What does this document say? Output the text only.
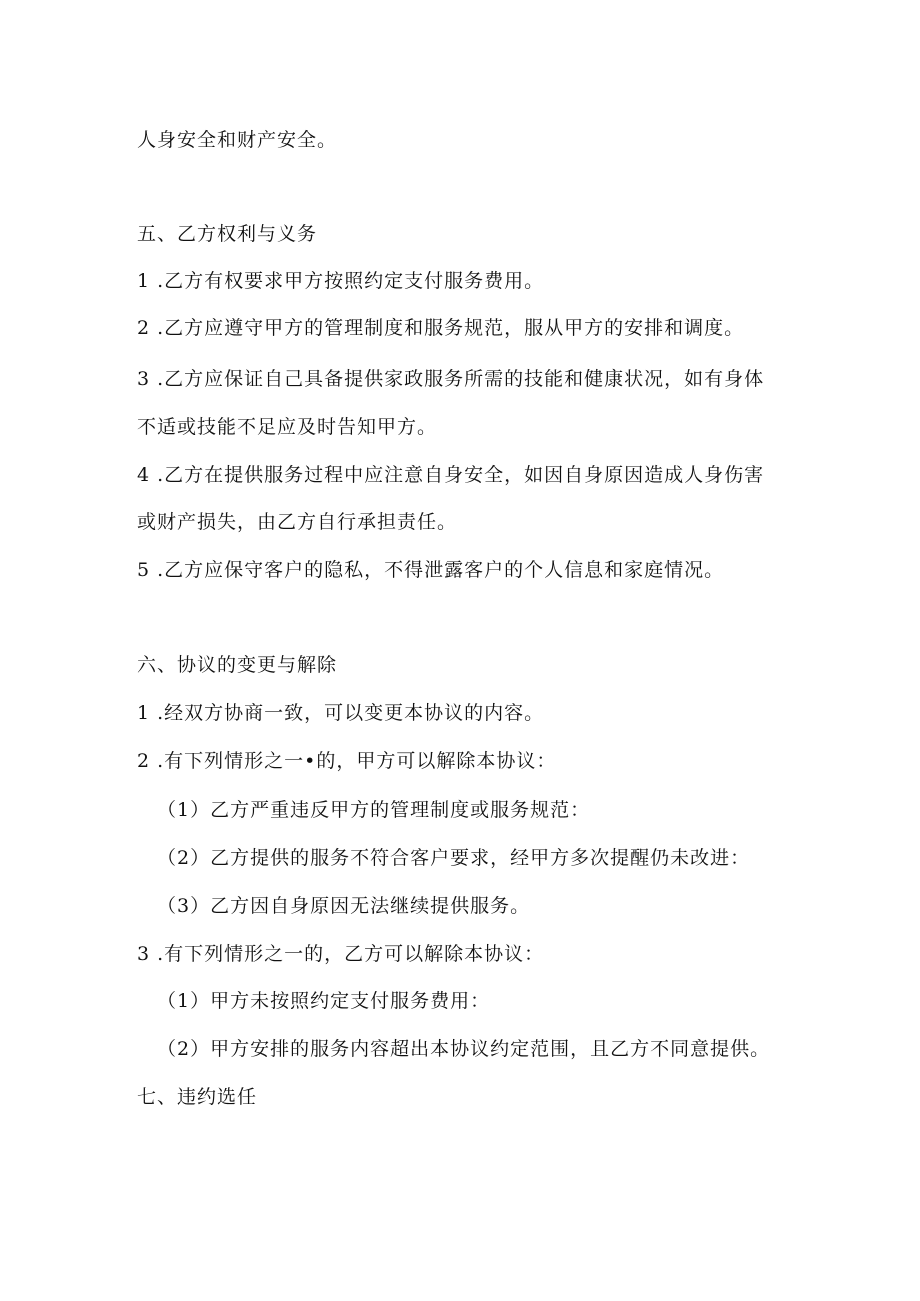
人身安全和财产安全。
五、乙方权利与义务
1 .乙方有权要求甲方按照约定支付服务费用。
2 .乙方应遵守甲方的管理制度和服务规范，服从甲方的安排和调度。
3 .乙方应保证自己具备提供家政服务所需的技能和健康状况，如有身体
不适或技能不足应及时告知甲方。
4 .乙方在提供服务过程中应注意自身安全，如因自身原因造成人身伤害
或财产损失，由乙方自行承担责任。
5 .乙方应保守客户的隐私，不得泄露客户的个人信息和家庭情况。
六、协议的变更与解除
1 .经双方协商一致，可以变更本协议的内容。
2 .有下列情形之一•的，甲方可以解除本协议：
（1）乙方严重违反甲方的管理制度或服务规范：
（2）乙方提供的服务不符合客户要求，经甲方多次提醒仍未改进：
（3）乙方因自身原因无法继续提供服务。
3 .有下列情形之一的，乙方可以解除本协议：
（1）甲方未按照约定支付服务费用：
（2）甲方安排的服务内容超出本协议约定范围，且乙方不同意提供。
七、违约选任
